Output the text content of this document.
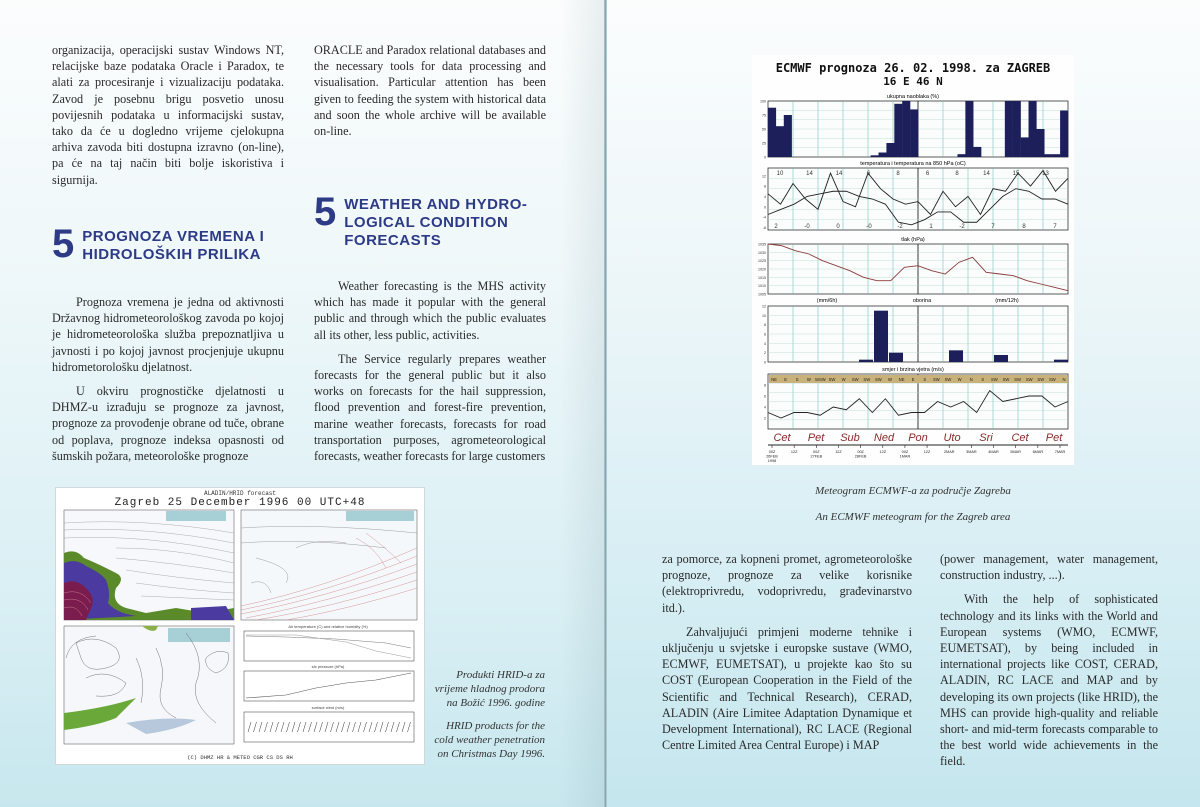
organizacija, operacijski sustav Windows NT, relacijske baze podataka Oracle i Paradox, te alati za procesiranje i vizualizaciju podataka. Zavod je posebnu brigu posvetio unosu povijesnih podataka u informacijski sustav, tako da će u dogledno vrijeme cjelokupna arhiva zavoda biti dostupna izravno (on-line), pa će na taj način biti bolje iskoristiva i sigurnija.

ORACLE and Paradox relational databases and the necessary tools for data processing and visualisation. Particular attention has been given to feeding the system with historical data and soon the whole archive will be available on-line.

5 PROGNOZA VREMENA I
HIDROLOŠKIH PRILIKA
5 WEATHER AND HYDRO-
LOGICAL CONDITION
FORECASTS

Prognoza vremena je jedna od aktivnosti Državnog hidrometeorološkog zavoda po kojoj je hidrometeorološka služba prepoznatljiva u javnosti i po kojoj javnost procjenjuje ukupnu hidrometorološku djelatnost.

U okviru prognostičke djelatnosti u DHMZ-u izrađuju se prognoze za javnost, prognoze za provođenje obrane od tuče, obrane od poplava, prognoze indeksa opasnosti od šumskih požara, meteorološke prognoze

Weather forecasting is the MHS activity which has made it popular with the general public and through which the public evaluates all its other, less public, activities.

The Service regularly prepares weather forecasts for the general public but it also works on forecasts for the hail suppression, flood prevention and forest-fire prevention, marine weather forecasts, forecasts for road transportation purposes, agrometeorological forecasts, weather forecasts for large customers

ALADIN/HRID forecast
Zagreb 25 December 1996 00 UTC+48
Air temperature (C) and relative humidity (%)
sfc pressure (hPa)
surface wind (m/s)
(C) DHMZ HR & METEO CGR CS DS RH
Produkti HRID-a za vrijeme hladnog prodora na Božić 1996. godine
HRID products for the cold weather penetration on Christmas Day 1996.
ECMWF prognoza 26. 02. 1998. za ZAGREB
16 E 46 N
ukupna naoblaka (%)
temperatura i temperatura na 850 hPa (oC)
tlak (hPa)
(mm/6h)	oborina	(mm/12h)
smjer i brzina vjetra (m/s)
0
25
50
75
100
-8
-4
0
4
8
12 10	14	14	6	8	6	8	14	15	13
2	-0	0	-0	-2	1	-2	7	8	7
1005
1010
1015
1020
1025
1030
1035
0
2
4
6
8
10
12
2
4
6
8
NE E S W WSW SW W SW SW SW W NE E S SW SW W N S SW SW SW SW SW SW N
Cet Pet Sub Ned Pon Uto Sri Cet Pet
00Z
26FEB
1998
12Z	00Z
27FEB
12Z	00Z
28FEB
12Z	00Z
1MAR
12Z	2MAR	3MAR	4MAR	5MAR	6MAR	7MAR
Meteogram ECMWF-a za područje Zagreba
An ECMWF meteogram for the Zagreb area

za pomorce, za kopneni promet, agrometeorološke prognoze, prognoze za velike korisnike (elektroprivredu, vodoprivredu, građevinarstvo itd.).

Zahvaljujući primjeni moderne tehnike i uključenju u svjetske i europske sustave (WMO, ECMWF, EUMETSAT), u projekte kao što su COST (European Cooperation in the Field of the Scientific and Technical Research), CERAD, ALADIN (Aire Limitee Adaptation Dynamique et Development International), RC LACE (Regional Centre Limited Area Central Europe) i MAP

(power management, water management, construction industry, ...).

With the help of sophisticated technology and its links with the World and European systems (WMO, ECMWF, EUMETSAT), by being included in international projects like COST, CERAD, ALADIN, RC LACE and MAP and by developing its own projects (like HRID), the MHS can provide high-quality and reliable short- and mid-term forecasts comparable to the best world wide achievements in the field.
